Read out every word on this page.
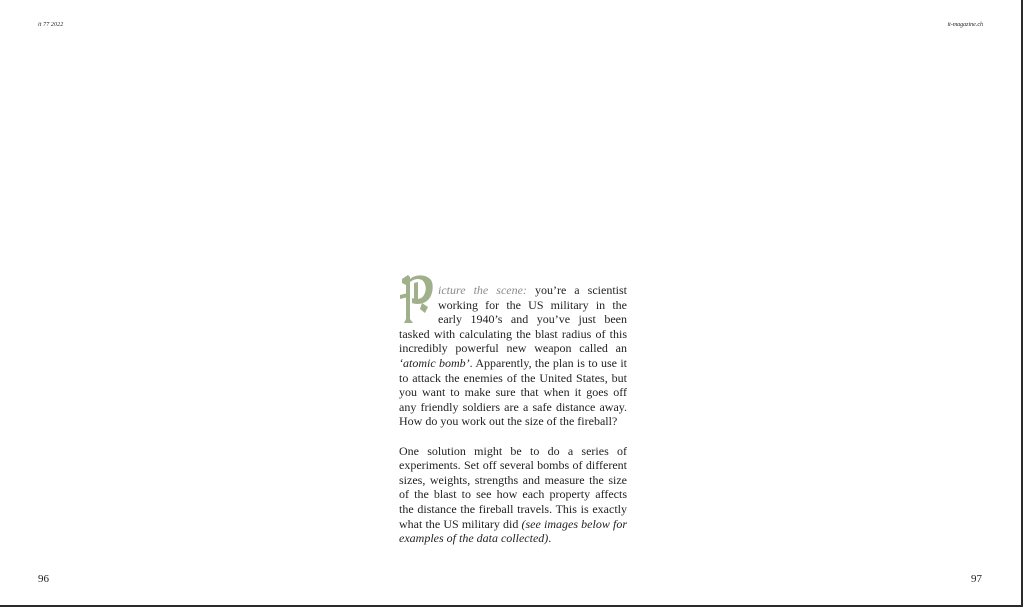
it 77 2022	it-magazine.ch

icture the scene: you’re a scientist working for the US military in the early 1940’s and you’ve just been tasked with calculating the blast radius of this incredibly powerful new weapon called an ‘atomic bomb’. Apparently, the plan is to use it to attack the enemies of the United States, but you want to make sure that when it goes off any friendly soldiers are a safe distance away. How do you work out the size of the fireball?

One solution might be to do a series of experiments. Set off several bombs of different sizes, weights, strengths and measure the size of the blast to see how each property affects the distance the fireball travels. This is exactly what the US military did (see images below for examples of the data collected).

96	97
